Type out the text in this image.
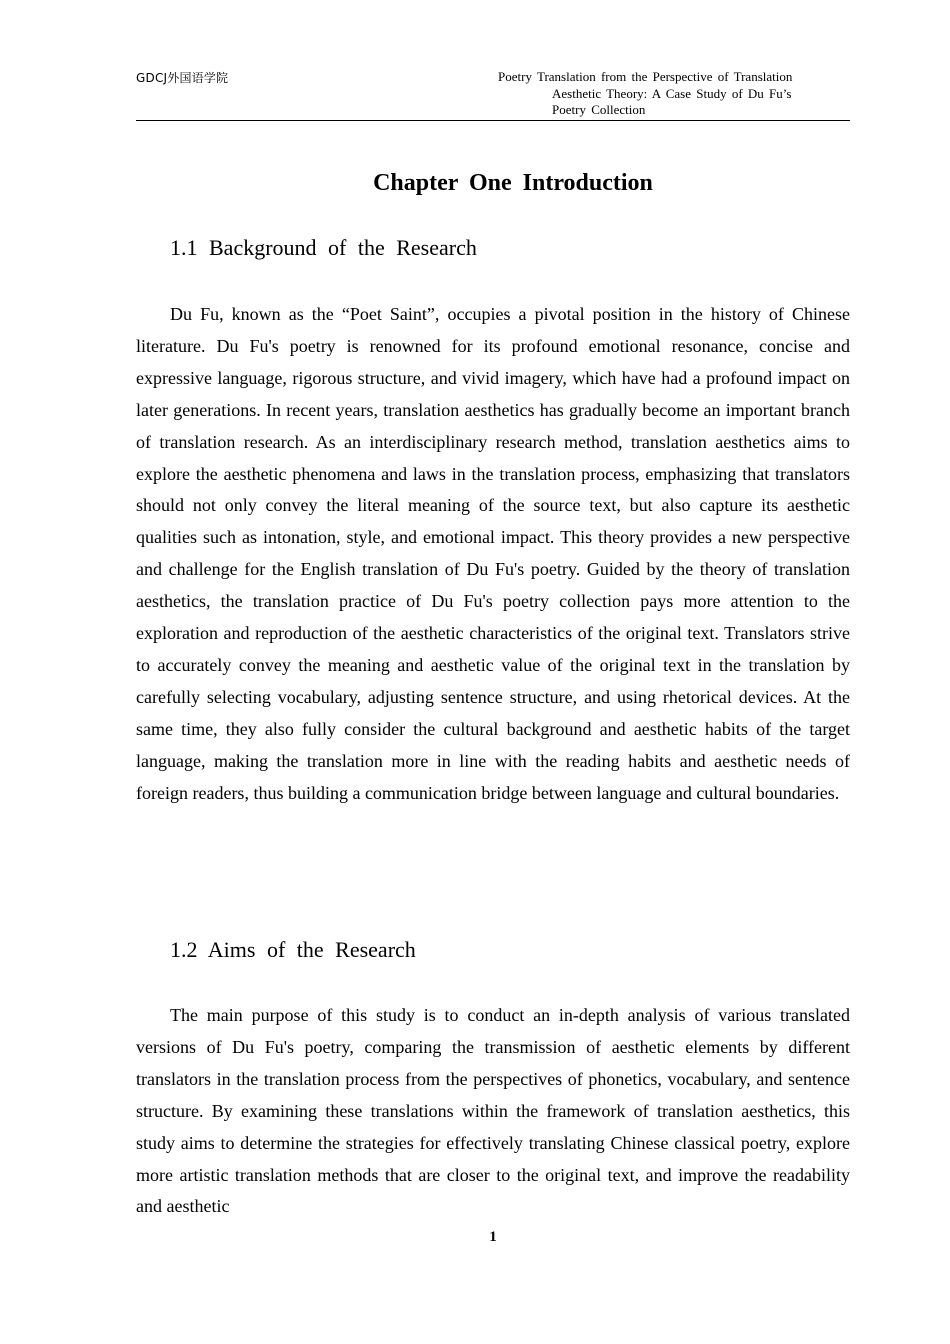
GDCJ外国语学院	Poetry Translation from the Perspective of Translation
Aesthetic Theory: A Case Study of Du Fu’s
Poetry Collection
Chapter One Introduction
1.1 Background of the Research

Du Fu, known as the “Poet Saint”, occupies a pivotal position in the history of Chinese literature. Du Fu's poetry is renowned for its profound emotional resonance, concise and expressive language, rigorous structure, and vivid imagery, which have had a profound impact on later generations. In recent years, translation aesthetics has gradually become an important branch of translation research. As an interdisciplinary research method, translation aesthetics aims to explore the aesthetic phenomena and laws in the translation process, emphasizing that translators should not only convey the literal meaning of the source text, but also capture its aesthetic qualities such as intonation, style, and emotional impact. This theory provides a new perspective and challenge for the English translation of Du Fu's poetry. Guided by the theory of translation aesthetics, the translation practice of Du Fu's poetry collection pays more attention to the exploration and reproduction of the aesthetic characteristics of the original text. Translators strive to accurately convey the meaning and aesthetic value of the original text in the translation by carefully selecting vocabulary, adjusting sentence structure, and using rhetorical devices. At the same time, they also fully consider the cultural background and aesthetic habits of the target language, making the translation more in line with the reading habits and aesthetic needs of foreign readers, thus building a communication bridge between language and cultural boundaries.

1.2 Aims of the Research

The main purpose of this study is to conduct an in-depth analysis of various translated versions of Du Fu's poetry, comparing the transmission of aesthetic elements by different translators in the translation process from the perspectives of phonetics, vocabulary, and sentence structure. By examining these translations within the framework of translation aesthetics, this study aims to determine the strategies for effectively translating Chinese classical poetry, explore more artistic translation methods that are closer to the original text, and improve the readability and aesthetic

1
